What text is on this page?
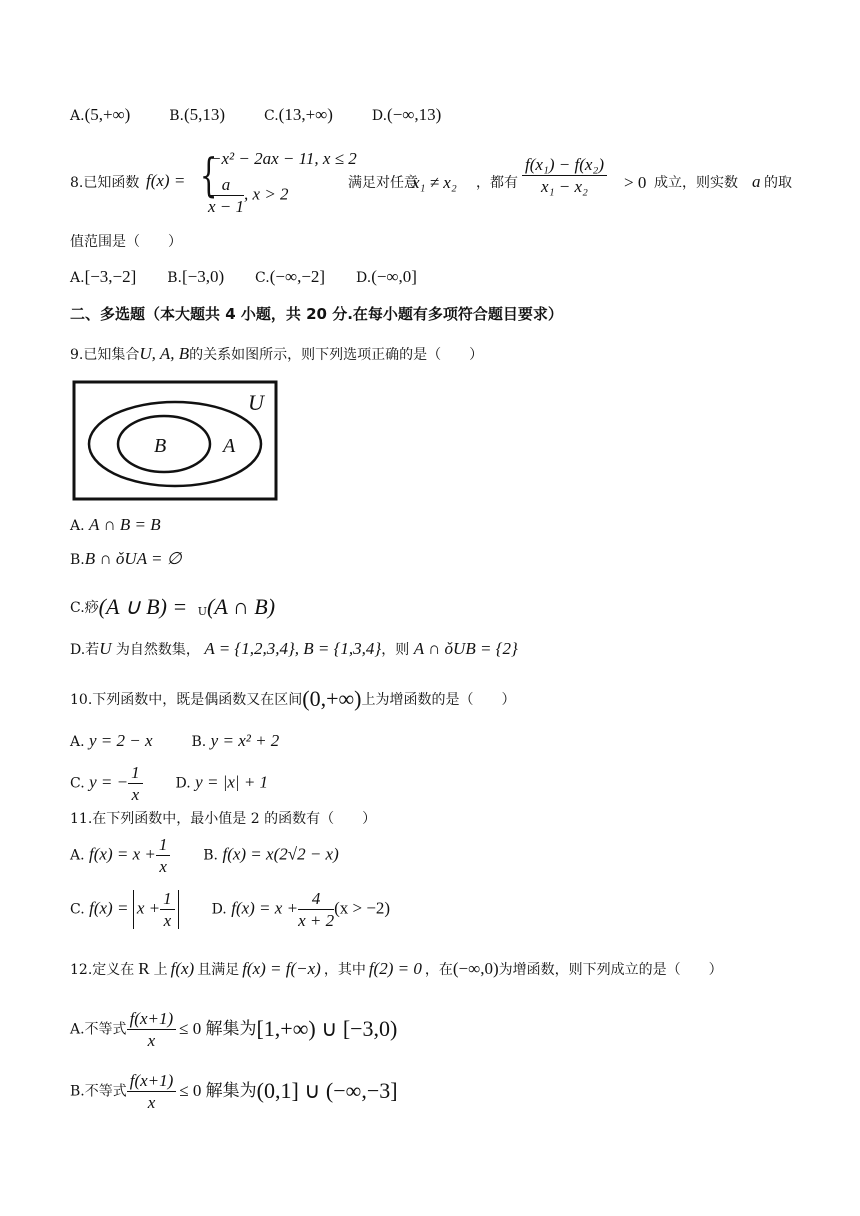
A.(5,+∞)	B.(5,13)	C.(13,+∞)	D.(−∞,13)
8.已知函数 f(x) = {
−x² − 2ax − 11, x ≤ 2
$\frac{a}{x - 1}$ , x > 2
满足对任意
x₁ ≠ x₂ ，都有 $\frac{\text{f(x₁) − f(x₂)}}{\text{x₁ − x₂}} > 0$ 成立，则实数 a 的取
值范围是（　　）
A.[−3,−2] B.[−3,0) C.(−∞,−2] D.(−∞,0]
二、多选题（本大题共 4 小题，共 20 分.在每小题有多项符合题目要求）
9.已知集合U, A, B的关系如图所示，则下列选项正确的是（　　）
U
B	A
A. A ∩ B = B
B.B ∩ ǒUA = ∅
C.痧(A ∪ B) = $_U$(A ∩ B)
D.若U 为自然数集， A = {1,2,3,4}, B = {1,3,4}，则 A ∩ ǒUB = {2}
10.下列函数中，既是偶函数又在区间(0,+∞)上为增函数的是（　　）
A. y = 2 − x	B. y = x² + 2
C. y = − $\frac{1}{x} D$. y = |x| + 1
11.在下列函数中，最小值是 2 的函数有（　　）
A. $f(x) = x + \frac{1}{x} B$. f(x) = x(2√2 − x)
C. $f(x) = x + \frac{1}{x}$	D. $f(x) = x + \frac{4}{x + 2} (x > -2)$
12.定义在 R 上 f(x) 且满足 f(x) = f(−x) ，其中 f(2) = 0 ，在(−∞,0)为增函数，则下列成立的是（　　）
A.不等式 $\frac{f(x+1)}{x} \le 0$ 解集为[1,+∞) ∪ [−3,0)
B.不等式 $\frac{f(x+1)}{x} \le 0$ 解集为(0,1] ∪ (−∞,−3]
